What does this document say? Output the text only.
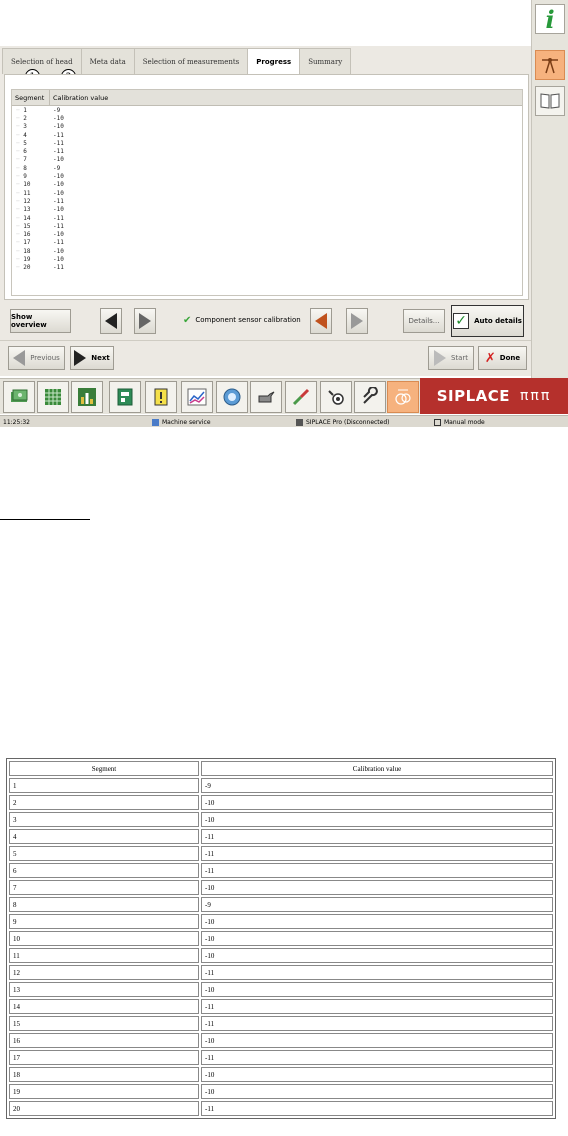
i
Selection of head	Meta data	Selection of measurements	Progress	Summary
Segment	Calibration value
┈ 1	-9
┈ 2	-10
┈ 3	-10
┈ 4	-11
┈ 5	-11
┈ 6	-11
┈ 7	-10
┈ 8	-9
┈ 9	-10
┈ 10	-10
┈ 11	-10
┈ 12	-11
┈ 13	-10
┈ 14	-11
┈ 15	-11
┈ 16	-10
┈ 17	-11
┈ 18	-10
┈ 19	-10
┈ 20	-11
Show overview	✔ Component sensor calibration	Details...	✓	Auto details
Previous	Next	Start ✗ Done
SIPLACE πππ
11:25:32	Machine service	SIPLACE Pro (Disconnected)	Manual mode
Segment	Calibration value
1	-9
2	-10
3	-10
4	-11
5	-11
6	-11
7	-10
8	-9
9	-10
10	-10
11	-10
12	-11
13	-10
14	-11
15	-11
16	-10
17	-11
18	-10
19	-10
20	-11
